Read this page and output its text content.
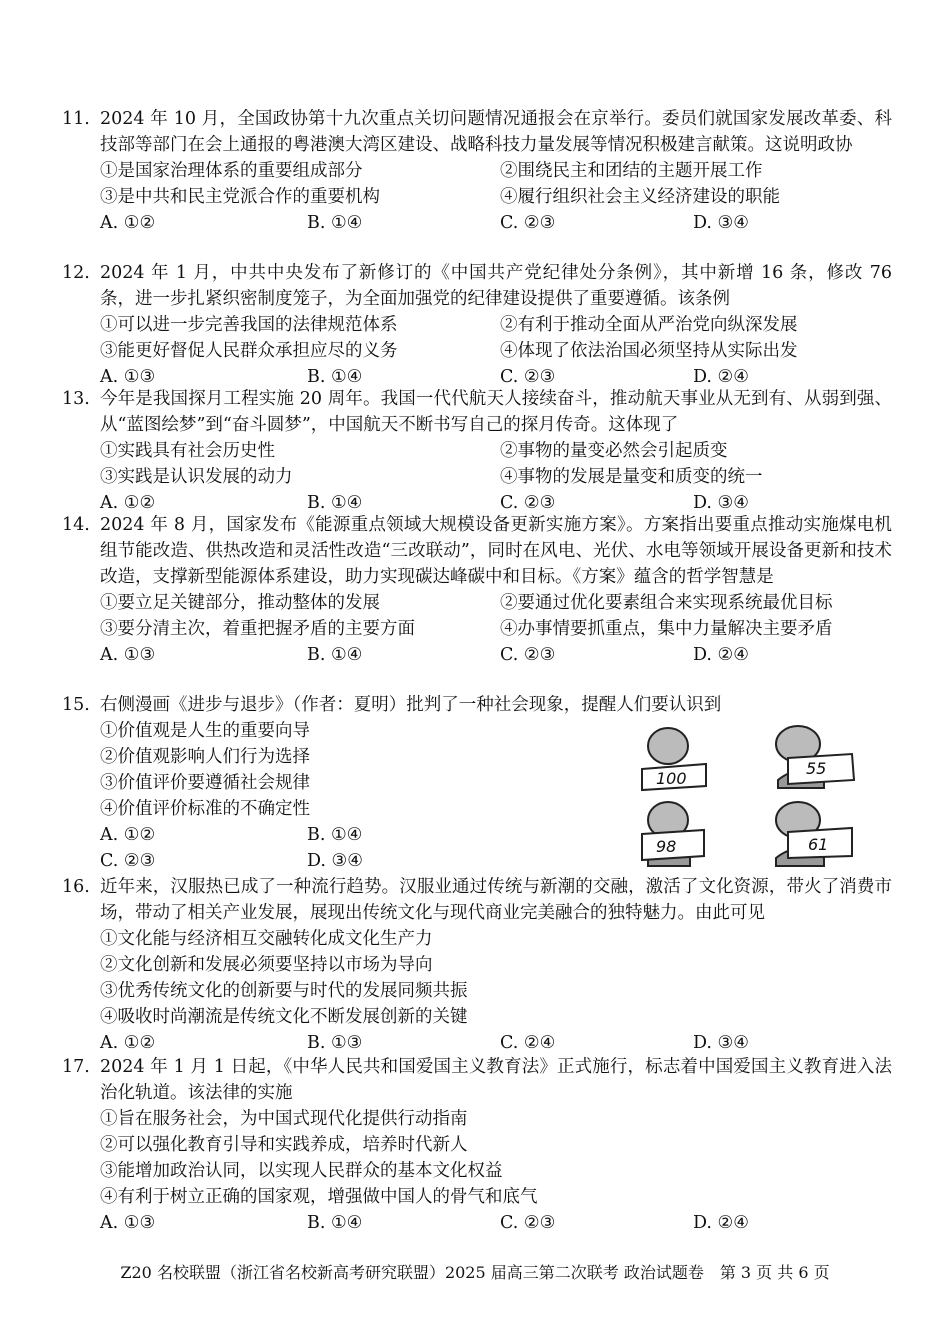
11. 2024 年 10 月，全国政协第十九次重点关切问题情况通报会在京举行。委员们就国家发展改革委、科技部等部门在会上通报的粤港澳大湾区建设、战略科技力量发展等情况积极建言献策。这说明政协
①是国家治理体系的重要组成部分	②围绕民主和团结的主题开展工作
③是中共和民主党派合作的重要机构	④履行组织社会主义经济建设的职能
A. ①②	B. ①④	C. ②③	D. ③④
12. 2024 年 1 月，中共中央发布了新修订的《中国共产党纪律处分条例》，其中新增 16 条，修改 76 条，进一步扎紧织密制度笼子，为全面加强党的纪律建设提供了重要遵循。该条例
①可以进一步完善我国的法律规范体系	②有利于推动全面从严治党向纵深发展
③能更好督促人民群众承担应尽的义务	④体现了依法治国必须坚持从实际出发
A. ①③	B. ①④	C. ②③	D. ②④
13. 今年是我国探月工程实施 20 周年。我国一代代航天人接续奋斗，推动航天事业从无到有、从弱到强、从“蓝图绘梦”到“奋斗圆梦”，中国航天不断书写自己的探月传奇。这体现了
①实践具有社会历史性	②事物的量变必然会引起质变
③实践是认识发展的动力	④事物的发展是量变和质变的统一
A. ①②	B. ①④	C. ②③	D. ③④
14. 2024 年 8 月，国家发布《能源重点领域大规模设备更新实施方案》。方案指出要重点推动实施煤电机组节能改造、供热改造和灵活性改造“三改联动”，同时在风电、光伏、水电等领域开展设备更新和技术改造，支撑新型能源体系建设，助力实现碳达峰碳中和目标。《方案》蕴含的哲学智慧是
①要立足关键部分，推动整体的发展	②要通过优化要素组合来实现系统最优目标
③要分清主次，着重把握矛盾的主要方面	④办事情要抓重点，集中力量解决主要矛盾
A. ①③	B. ①④	C. ②③	D. ②④
15. 右侧漫画《进步与退步》（作者：夏明）批判了一种社会现象，提醒人们要认识到
①价值观是人生的重要向导
②价值观影响人们行为选择
③价值评价要遵循社会规律
④价值评价标准的不确定性
A. ①②	B. ①④
C. ②③	D. ③④
100
55
98	61
16. 近年来，汉服热已成了一种流行趋势。汉服业通过传统与新潮的交融，激活了文化资源，带火了消费市场，带动了相关产业发展，展现出传统文化与现代商业完美融合的独特魅力。由此可见
①文化能与经济相互交融转化成文化生产力
②文化创新和发展必须要坚持以市场为导向
③优秀传统文化的创新要与时代的发展同频共振
④吸收时尚潮流是传统文化不断发展创新的关键
A. ①②	B. ①③	C. ②④	D. ③④
17. 2024 年 1 月 1 日起，《中华人民共和国爱国主义教育法》正式施行，标志着中国爱国主义教育进入法治化轨道。该法律的实施
①旨在服务社会，为中国式现代化提供行动指南
②可以强化教育引导和实践养成，培养时代新人
③能增加政治认同，以实现人民群众的基本文化权益
④有利于树立正确的国家观，增强做中国人的骨气和底气
A. ①③	B. ①④	C. ②③	D. ②④
Z20 名校联盟（浙江省名校新高考研究联盟）2025 届高三第二次联考 政治试题卷　第 3 页 共 6 页
